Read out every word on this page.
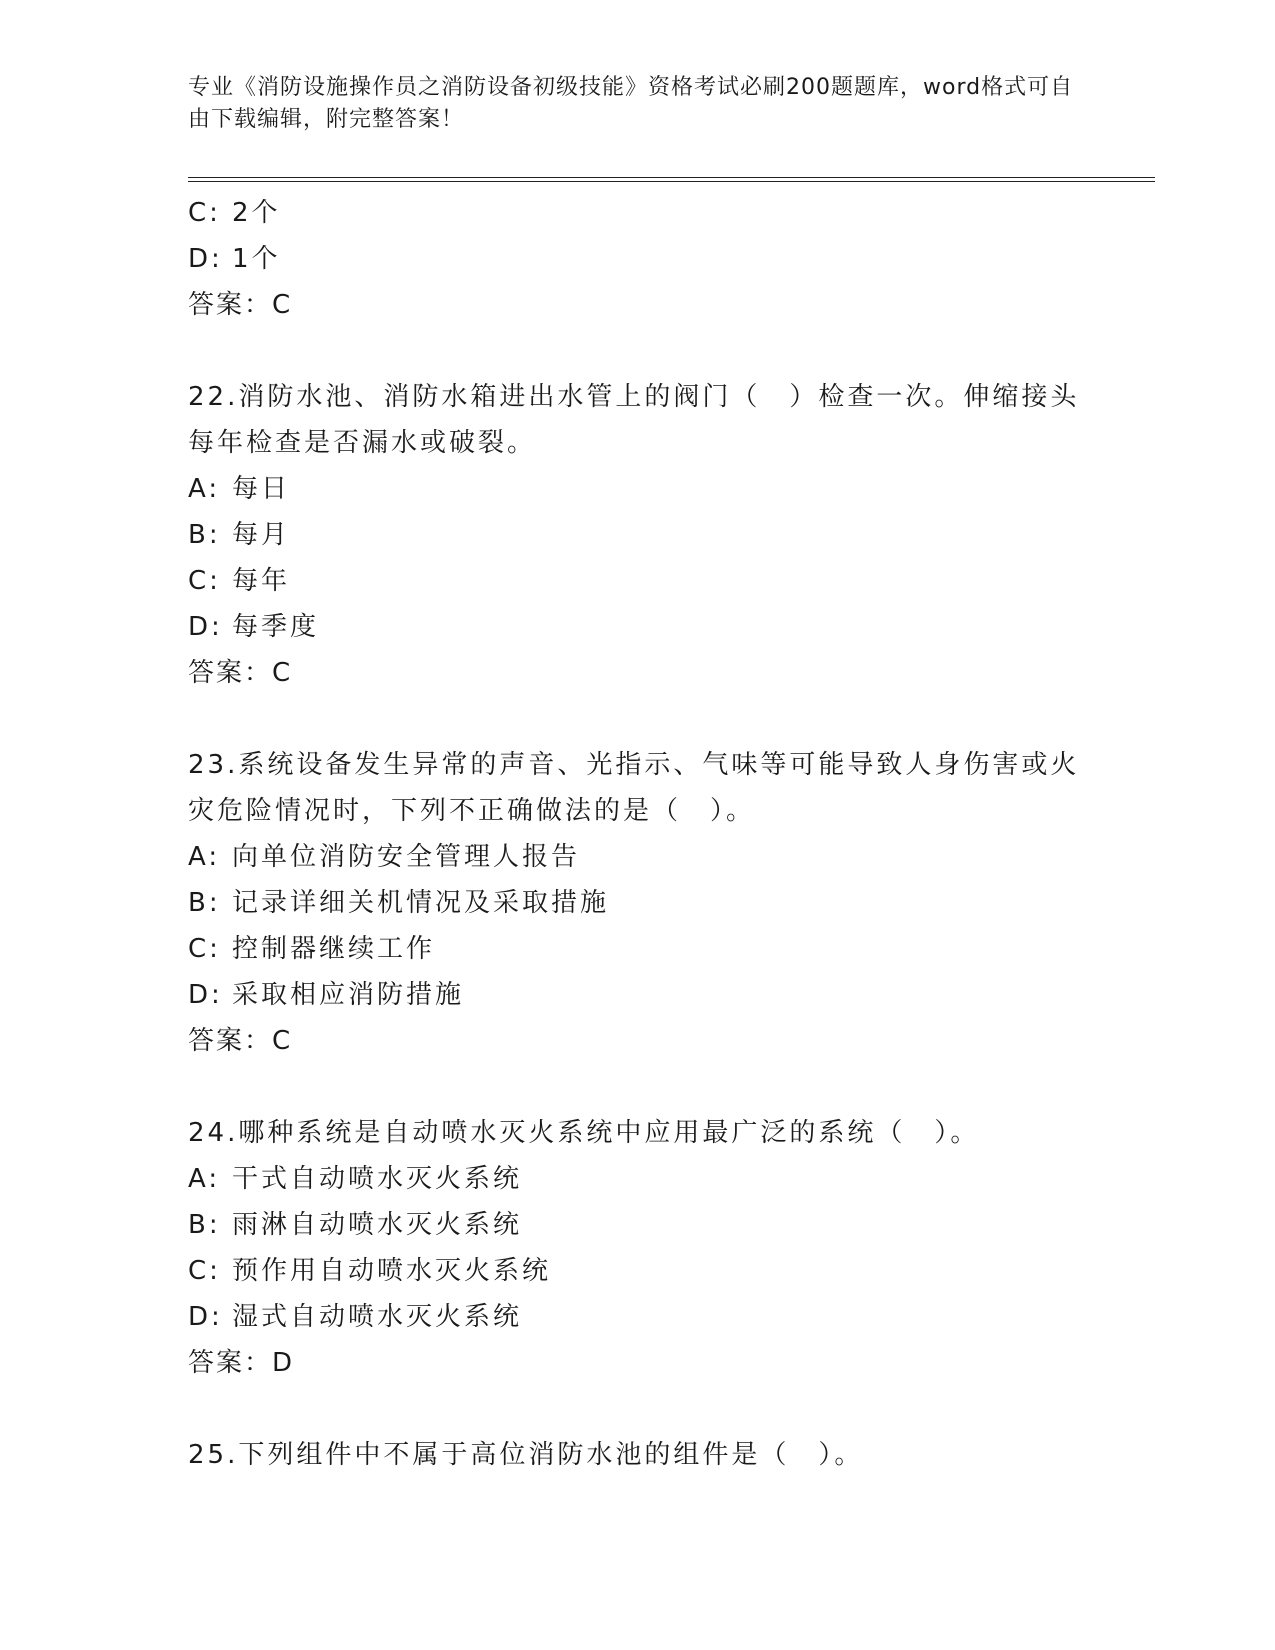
专业《消防设施操作员之消防设备初级技能》资格考试必刷200题题库，word格式可自由下载编辑，附完整答案！
C: 2个
D: 1个
答案：C
22.消防水池、消防水箱进出水管上的阀门（　）检查一次。伸缩接头每年检查是否漏水或破裂。
A: 每日
B: 每月
C: 每年
D: 每季度
答案：C
23.系统设备发生异常的声音、光指示、气味等可能导致人身伤害或火灾危险情况时，下列不正确做法的是（　）。
A: 向单位消防安全管理人报告
B: 记录详细关机情况及采取措施
C: 控制器继续工作
D: 采取相应消防措施
答案：C
24.哪种系统是自动喷水灭火系统中应用最广泛的系统（　）。
A: 干式自动喷水灭火系统
B: 雨淋自动喷水灭火系统
C: 预作用自动喷水灭火系统
D: 湿式自动喷水灭火系统
答案：D
25.下列组件中不属于高位消防水池的组件是（　）。
